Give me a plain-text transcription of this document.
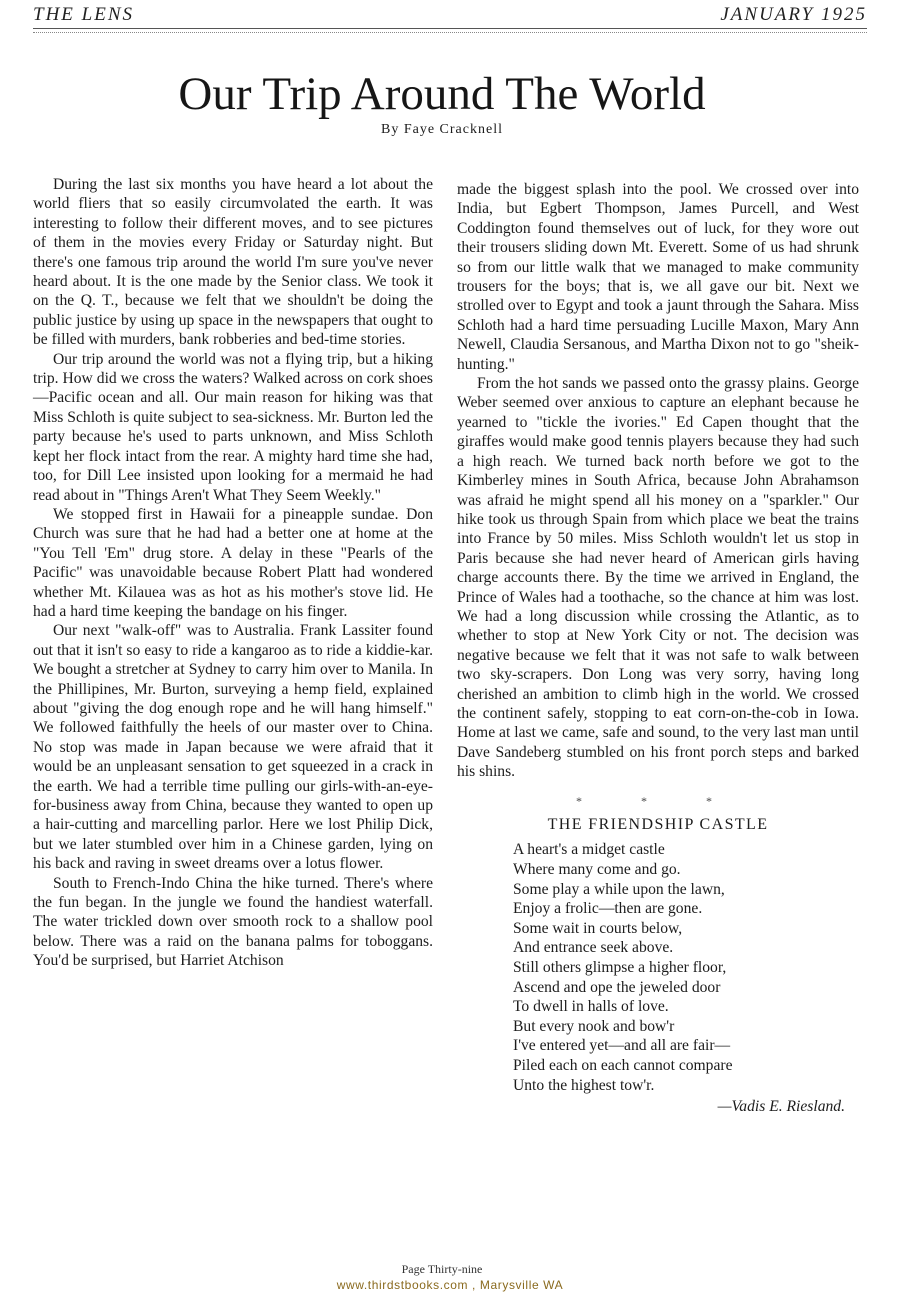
THE LENS	JANUARY 1925
Our Trip Around The World
By Faye Cracknell

During the last six months you have heard a lot about the world fliers that so easily circumvolated the earth. It was interesting to follow their different moves, and to see pictures of them in the movies every Friday or Saturday night. But there's one famous trip around the world I'm sure you've never heard about. It is the one made by the Senior class. We took it on the Q. T., because we felt that we shouldn't be doing the public justice by using up space in the newspapers that ought to be filled with murders, bank robberies and bed-time stories.

Our trip around the world was not a flying trip, but a hiking trip. How did we cross the waters? Walked across on cork shoes—Pacific ocean and all. Our main reason for hiking was that Miss Schloth is quite subject to sea-sickness. Mr. Burton led the party because he's used to parts unknown, and Miss Schloth kept her flock intact from the rear. A mighty hard time she had, too, for Dill Lee insisted upon looking for a mermaid he had read about in "Things Aren't What They Seem Weekly."

We stopped first in Hawaii for a pineapple sundae. Don Church was sure that he had had a better one at home at the "You Tell 'Em" drug store. A delay in these "Pearls of the Pacific" was unavoidable because Robert Platt had wondered whether Mt. Kilauea was as hot as his mother's stove lid. He had a hard time keeping the bandage on his finger.

Our next "walk-off" was to Australia. Frank Lassiter found out that it isn't so easy to ride a kangaroo as to ride a kiddie-kar. We bought a stretcher at Sydney to carry him over to Manila. In the Phillipines, Mr. Burton, surveying a hemp field, explained about "giving the dog enough rope and he will hang himself." We followed faithfully the heels of our master over to China. No stop was made in Japan because we were afraid that it would be an unpleasant sensation to get squeezed in a crack in the earth. We had a terrible time pulling our girls-with-an-eye-for-business away from China, because they wanted to open up a hair-cutting and marcelling parlor. Here we lost Philip Dick, but we later stumbled over him in a Chinese garden, lying on his back and raving in sweet dreams over a lotus flower.

South to French-Indo China the hike turned. There's where the fun began. In the jungle we found the handiest waterfall. The water trickled down over smooth rock to a shallow pool below. There was a raid on the banana palms for toboggans. You'd be surprised, but Harriet Atchison

made the biggest splash into the pool. We crossed over into India, but Egbert Thompson, James Purcell, and West Coddington found themselves out of luck, for they wore out their trousers sliding down Mt. Everett. Some of us had shrunk so from our little walk that we managed to make community trousers for the boys; that is, we all gave our bit. Next we strolled over to Egypt and took a jaunt through the Sahara. Miss Schloth had a hard time persuading Lucille Maxon, Mary Ann Newell, Claudia Sersanous, and Martha Dixon not to go "sheik-hunting."

From the hot sands we passed onto the grassy plains. George Weber seemed over anxious to capture an elephant because he yearned to "tickle the ivories." Ed Capen thought that the giraffes would make good tennis players because they had such a high reach. We turned back north before we got to the Kimberley mines in South Africa, because John Abrahamson was afraid he might spend all his money on a "sparkler." Our hike took us through Spain from which place we beat the trains into France by 50 miles. Miss Schloth wouldn't let us stop in Paris because she had never heard of American girls having charge accounts there. By the time we arrived in England, the Prince of Wales had a toothache, so the chance at him was lost. We had a long discussion while crossing the Atlantic, as to whether to stop at New York City or not. The decision was negative because we felt that it was not safe to walk between two sky-scrapers. Don Long was very sorry, having long cherished an ambition to climb high in the world. We crossed the continent safely, stopping to eat corn-on-the-cob in Iowa. Home at last we came, safe and sound, to the very last man until Dave Sandeberg stumbled on his front porch steps and barked his shins.

* * *
THE FRIENDSHIP CASTLE
A heart's a midget castle
Where many come and go.
Some play a while upon the lawn,
Enjoy a frolic—then are gone.
Some wait in courts below,
And entrance seek above.
Still others glimpse a higher floor,
Ascend and ope the jeweled door
To dwell in halls of love.
But every nook and bow'r
I've entered yet—and all are fair—
Piled each on each cannot compare
Unto the highest tow'r.
—Vadis E. Riesland.
Page Thirty-nine
www.thirdstbooks.com , Marysville WA
